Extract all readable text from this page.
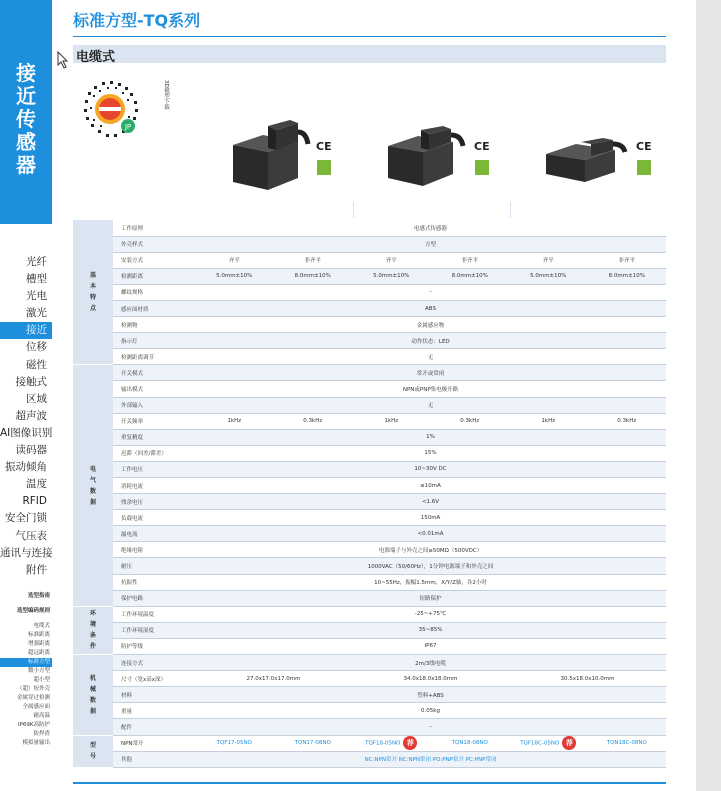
接近传感器
光纤
槽型
光电
激光
接近
位移
磁性
接触式
区域
超声波
AI图像识别
读码器
振动倾角
温度
RFID
安全门锁
气压表
通讯与连接
附件
选型指南
选型编码规则
电缆式
标准距离
增强距离
超远距离
标准方型
微小方型
超小型
（超）短外壳
金属穿过检测
全属感应面
耐高温
IP69K高防护
防焊渣
模拟量输出
标准方型-TQ系列
电缆式
JP
3D模型下载
CE	CE	CE
基本特点	工作原理	电感式传感器					
	外壳样式	方型					
	安装方式	齐平	非齐平	齐平	非齐平	齐平	非齐平
	检测距离	5.0mm±10%	8.0mm±10%	5.0mm±10%	8.0mm±10%	5.0mm±10%	8.0mm±10%
	螺纹规格	–					
	感应面材质	ABS					
	检测物	金属感应物					
	指示灯	动作状态：LED					
	检测距离调节	无					

电气数据	开关模式	常开或常闭					
	输出模式	NPN或PNP集电极开路					
	外部输入	无					
	开关频率	1kHz	0.3kHz	1kHz	0.3kHz	1kHz	0.3kHz
	重复精度	1%					
	迟滞（回差/滞差）	15%					
	工作电压	10~30V DC					
	消耗电流	≤10mA					
	残余电压	<1.6V					
	负载电流	150mA					
	漏电流	<0.01mA					
	绝缘电阻	电源端子与外壳之间≥50MΩ（500VDC）					
	耐压	1000VAC（50/60Hz），1分钟电源端子和外壳之间					
	抗振性	10~55Hz，振幅1.5mm，X/Y/Z轴，各2小时					
	保护电路	短路保护					

环境条件	工作环境温度	-25~+75℃					
	工作环境湿度	35~85%					
	防护等级	IP67					

机械数据	连接方式	2m/3线电缆					
	尺寸（宽x高x深）	27.0x17.0x17.0mm		34.0x18.0x18.0mm		30.5x18.0x10.0mm	
	材料	塑料+ABS					
	重量	0.05kg					
	配件	–					

型号	NPN常开	TQF17-05NO	TQN17-08NO	TQF18-05NO 荐	TQN18-08NO	TQF18C-05NO 荐	TQN18C-08NO
	其他	NC:NPN常开 NC:NPN常闭 PO:PNP常开 PC:PNP常闭					
